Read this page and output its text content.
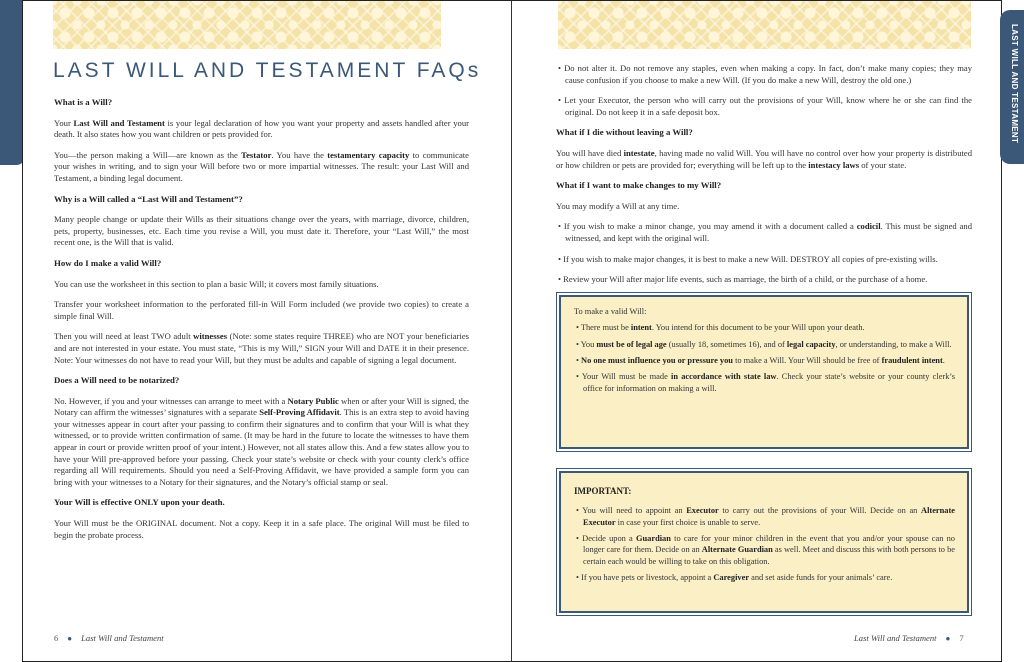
LAST WILL AND TESTAMENT FAQs
What is a Will?

Your Last Will and Testament is your legal declaration of how you want your property and assets handled after your death. It also states how you want children or pets provided for.

You—the person making a Will—are known as the Testator. You have the testamentary capacity to communicate your wishes in writing, and to sign your Will before two or more impartial witnesses. The result: your Last Will and Testament, a binding legal document.

Why is a Will called a “Last Will and Testament”?

Many people change or update their Wills as their situations change over the years, with marriage, divorce, children, pets, property, businesses, etc. Each time you revise a Will, you must date it. Therefore, your “Last Will,” the most recent one, is the Will that is valid.

How do I make a valid Will?

You can use the worksheet in this section to plan a basic Will; it covers most family situations.

Transfer your worksheet information to the perforated fill-in Will Form included (we provide two copies) to create a simple final Will.

Then you will need at least TWO adult witnesses (Note: some states require THREE) who are NOT your beneficiaries and are not interested in your estate. You must state, “This is my Will,” SIGN your Will and DATE it in their presence. Note: Your witnesses do not have to read your Will, but they must be adults and capable of signing a legal document.

Does a Will need to be notarized?

No. However, if you and your witnesses can arrange to meet with a Notary Public when or after your Will is signed, the Notary can affirm the witnesses’ signatures with a separate Self-Proving Affidavit. This is an extra step to avoid having your witnesses appear in court after your passing to confirm their signatures and to confirm that your Will is what they witnessed, or to provide written confirmation of same. (It may be hard in the future to locate the witnesses to have them appear in court or provide written proof of your intent.) However, not all states allow this. And a few states allow you to have your Will pre-approved before your passing. Check your state’s website or check with your county clerk’s office regarding all Will requirements. Should you need a Self-Proving Affidavit, we have provided a sample form you can bring with your witnesses to a Notary for their signatures, and the Notary’s official stamp or seal.

Your Will is effective ONLY upon your death.

Your Will must be the ORIGINAL document. Not a copy. Keep it in a safe place. The original Will must be filed to begin the probate process.

6 ● Last Will and Testament

• Do not alter it. Do not remove any staples, even when making a copy. In fact, don’t make many copies; they may cause confusion if you choose to make a new Will. (If you do make a new Will, destroy the old one.)

• Let your Executor, the person who will carry out the provisions of your Will, know where he or she can find the original. Do not keep it in a safe deposit box.

What if I die without leaving a Will?

You will have died intestate, having made no valid Will. You will have no control over how your property is distributed or how children or pets are provided for; everything will be left up to the intestacy laws of your state.

What if I want to make changes to my Will?

You may modify a Will at any time.

• If you wish to make a minor change, you may amend it with a document called a codicil. This must be signed and witnessed, and kept with the original will.

• If you wish to make major changes, it is best to make a new Will. DESTROY all copies of pre-existing wills.

• Review your Will after major life events, such as marriage, the birth of a child, or the purchase of a home.

To make a valid Will:

• There must be intent. You intend for this document to be your Will upon your death.

• You must be of legal age (usually 18, sometimes 16), and of legal capacity, or understanding, to make a Will.

• No one must influence you or pressure you to make a Will. Your Will should be free of fraudulent intent.

• Your Will must be made in accordance with state law. Check your state’s website or your county clerk’s office for information on making a will.

IMPORTANT:

• You will need to appoint an Executor to carry out the provisions of your Will. Decide on an Alternate Executor in case your first choice is unable to serve.

• Decide upon a Guardian to care for your minor children in the event that you and/or your spouse can no longer care for them. Decide on an Alternate Guardian as well. Meet and discuss this with both persons to be certain each would be willing to take on this obligation.

• If you have pets or livestock, appoint a Caregiver and set aside funds for your animals’ care.

Last Will and Testament ● 7
LAST WILL AND TESTAMENT
